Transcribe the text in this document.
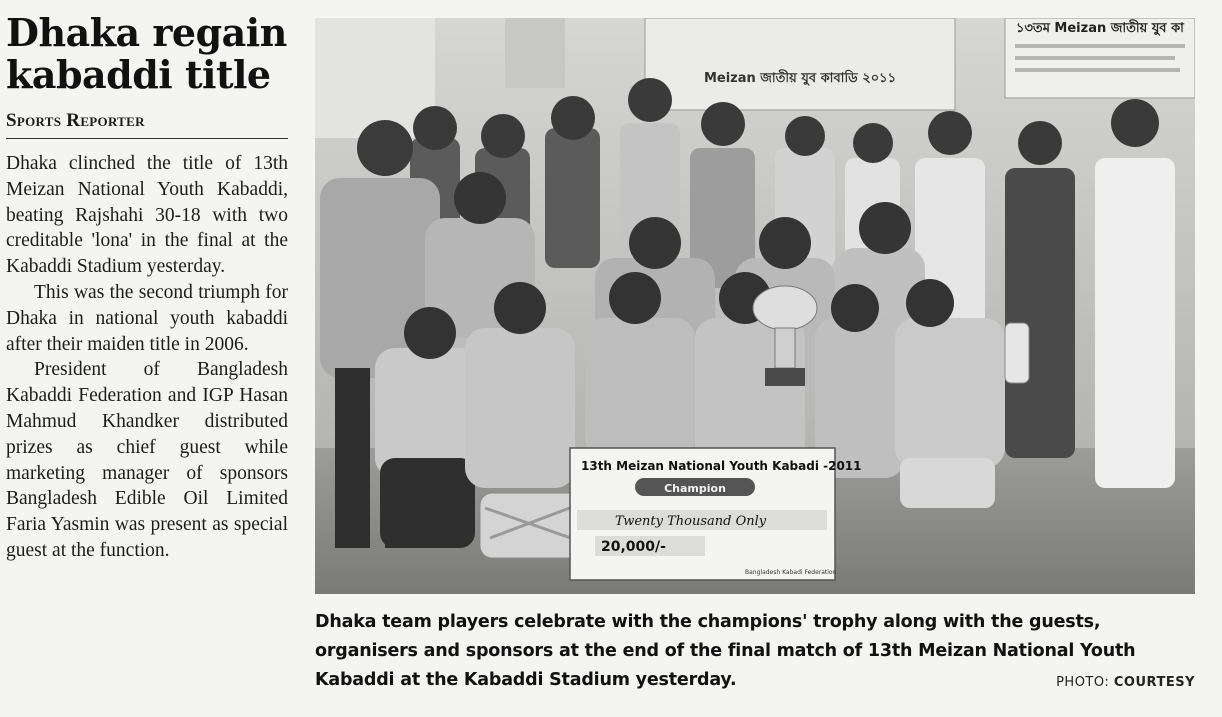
Dhaka regain
kabaddi title
Sports Reporter

Dhaka clinched the title of 13th Meizan National Youth Kabaddi, beating Rajshahi 30-18 with two creditable 'lona' in the final at the Kabaddi Stadium yesterday.

This was the second triumph for Dhaka in national youth kabaddi after their maiden title in 2006.

President of Bangladesh Kabaddi Federation and IGP Hasan Mahmud Khandker distributed prizes as chief guest while marketing manager of sponsors Bangladesh Edible Oil Limited Faria Yasmin was present as special guest at the function.

Meizan জাতীয় যুব কাবাডি ২০১১
১৩তম Meizan জাতীয় যুব কা
13th Meizan National Youth Kabadi -2011
Champion
Twenty Thousand Only
20,000/-
Bangladesh Kabadi Federation
Dhaka team players celebrate with the champions' trophy along with the guests, organisers and sponsors at the end of the final match of 13th Meizan National Youth Kabaddi at the Kabaddi Stadium yesterday.	PHOTO: COURTESY
